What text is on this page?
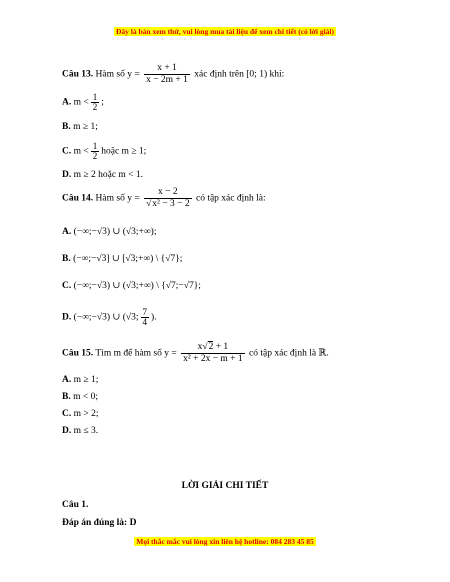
Đây là bản xem thử, vui lòng mua tài liệu để xem chi tiết (có lời giải)
Câu 13. Hàm số $y = \frac{x + 1}{x - 2m + 1}$ xác định trên [0; 1) khi:
A. $m < \frac{1}{2}$ ;
B. m ≥ 1;
C. $m < \frac{1}{2}$ hoặc m ≥ 1;
D. m ≥ 2 hoặc m < 1.
Câu 14. Hàm số y = x − 2
√ x² − 3 − 2 có tập xác định là:
A. (−∞;−√3) ∪ (√3;+∞);
B. (−∞;−√3] ∪ [√3;+∞) \ {√7};
C. (−∞;−√3) ∪ (√3;+∞) \ {√7;−√7};
D. (−∞;−√3) ∪ (√3; $\frac{7}{4}$ ).
Câu 15. Tìm m để hàm số $y = \frac{x√ 2 + 1}{\text{x² + 2x − m + 1}}$ có tập xác định là ℝ.
A. m ≥ 1;
B. m < 0;
C. m > 2;
D. m ≤ 3.
LỜI GIẢI CHI TIẾT
Câu 1.
Đáp án đúng là: D
Mọi thắc mắc vui lòng xin liên hệ hotline: 084 283 45 85
